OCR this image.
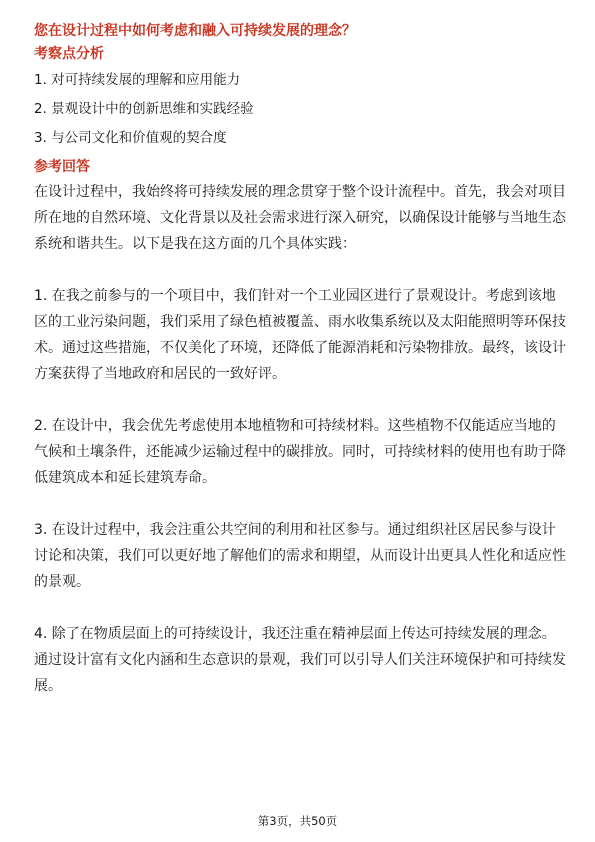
您在设计过程中如何考虑和融入可持续发展的理念？

考察点分析

1. 对可持续发展的理解和应用能力

2. 景观设计中的创新思维和实践经验

3. 与公司文化和价值观的契合度

参考回答

在设计过程中，我始终将可持续发展的理念贯穿于整个设计流程中。首先，我会对项目所在地的自然环境、文化背景以及社会需求进行深入研究，以确保设计能够与当地生态系统和谐共生。以下是我在这方面的几个具体实践：

1. 在我之前参与的一个项目中，我们针对一个工业园区进行了景观设计。考虑到该地区的工业污染问题，我们采用了绿色植被覆盖、雨水收集系统以及太阳能照明等环保技术。通过这些措施，不仅美化了环境，还降低了能源消耗和污染物排放。最终，该设计方案获得了当地政府和居民的一致好评。

2. 在设计中，我会优先考虑使用本地植物和可持续材料。这些植物不仅能适应当地的气候和土壤条件，还能减少运输过程中的碳排放。同时，可持续材料的使用也有助于降低建筑成本和延长建筑寿命。

3. 在设计过程中，我会注重公共空间的利用和社区参与。通过组织社区居民参与设计讨论和决策，我们可以更好地了解他们的需求和期望，从而设计出更具人性化和适应性的景观。

4. 除了在物质层面上的可持续设计，我还注重在精神层面上传达可持续发展的理念。通过设计富有文化内涵和生态意识的景观，我们可以引导人们关注环境保护和可持续发展。

第3页，共50页
